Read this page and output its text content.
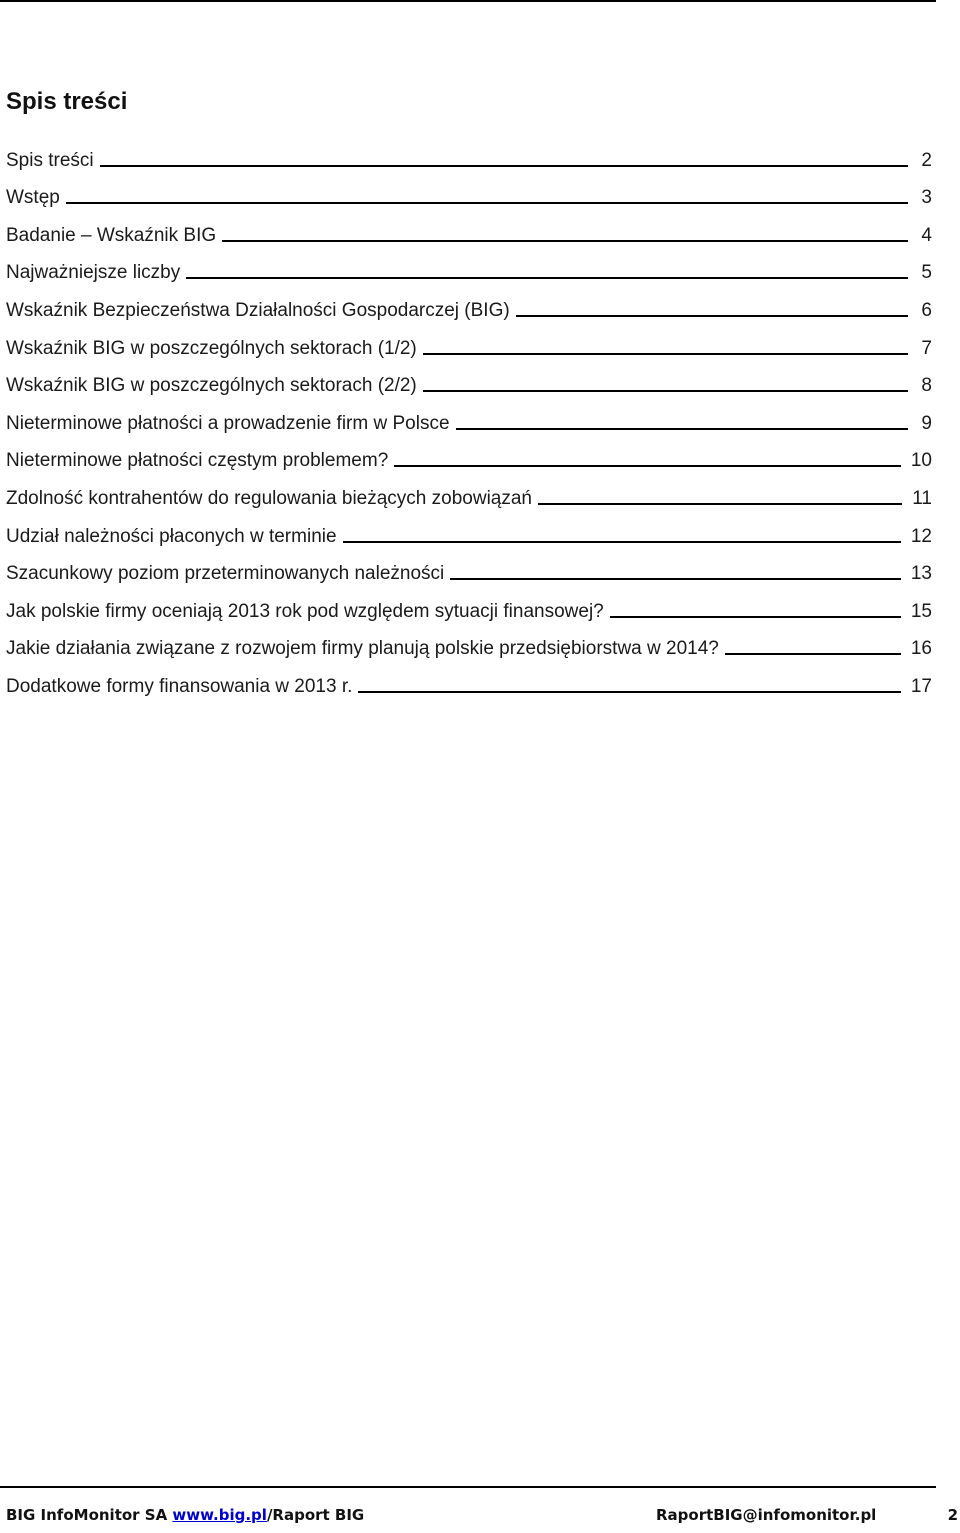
Spis treści
Spis treści	2
Wstęp	3
Badanie – Wskaźnik BIG	4
Najważniejsze liczby	5
Wskaźnik Bezpieczeństwa Działalności Gospodarczej (BIG)	6
Wskaźnik BIG w poszczególnych sektorach (1/2)	7
Wskaźnik BIG w poszczególnych sektorach (2/2)	8
Nieterminowe płatności a prowadzenie firm w Polsce	9
Nieterminowe płatności częstym problemem?	10
Zdolność kontrahentów do regulowania bieżących zobowiązań	11
Udział należności płaconych w terminie	12
Szacunkowy poziom przeterminowanych należności	13
Jak polskie firmy oceniają 2013 rok pod względem sytuacji finansowej?	15
Jakie działania związane z rozwojem firmy planują polskie przedsiębiorstwa w 2014?	16
Dodatkowe formy finansowania w 2013 r.	17
BIG InfoMonitor SA www.big.pl/Raport BIG	RaportBIG@infomonitor.pl	2
